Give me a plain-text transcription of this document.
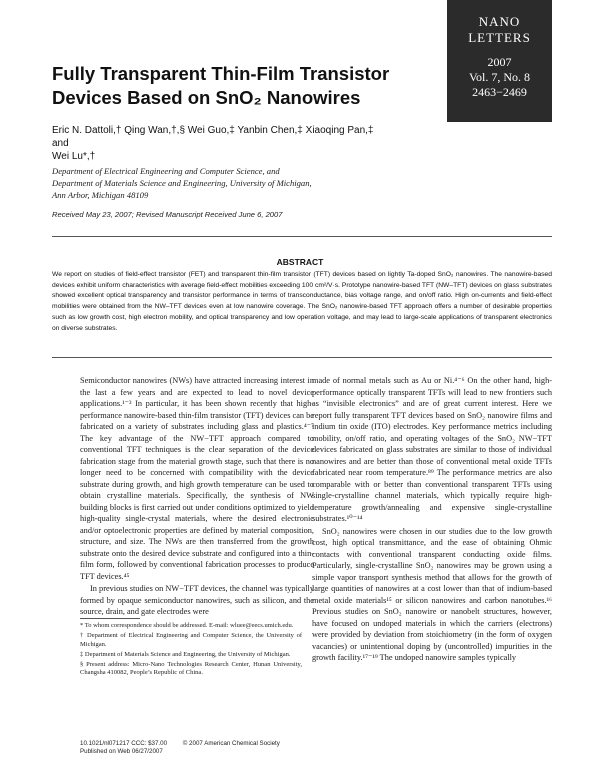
NANO
LETTERS
2007
Vol. 7, No. 8
2463−2469
Fully Transparent Thin-Film Transistor
Devices Based on SnO₂ Nanowires
Eric N. Dattoli,† Qing Wan,†,§ Wei Guo,‡ Yanbin Chen,‡ Xiaoqing Pan,‡ and
Wei Lu*,†
Department of Electrical Engineering and Computer Science, and
Department of Materials Science and Engineering, University of Michigan,
Ann Arbor, Michigan 48109
Received May 23, 2007; Revised Manuscript Received June 6, 2007
ABSTRACT
We report on studies of field-effect transistor (FET) and transparent thin-film transistor (TFT) devices based on lightly Ta-doped SnO₂ nanowires. The nanowire-based devices exhibit uniform characteristics with average field-effect mobilities exceeding 100 cm²/V·s. Prototype nanowire-based TFT (NW–TFT) devices on glass substrates showed excellent optical transparency and transistor performance in terms of transconductance, bias voltage range, and on/off ratio. High on-currents and field-effect mobilities were obtained from the NW–TFT devices even at low nanowire coverage. The SnO₂ nanowire-based TFT approach offers a number of desirable properties such as low growth cost, high electron mobility, and optical transparency and low operation voltage, and may lead to large-scale applications of transparent electronics on diverse substrates.

Semiconductor nanowires (NWs) have attracted increasing interest in the last a few years and are expected to lead to novel device applications.¹⁻³ In particular, it has been shown recently that high-performance nanowire-based thin-film transistor (TFT) devices can be fabricated on a variety of substrates including glass and plastics.⁴⁻⁷ The key advantage of the NW−TFT approach compared to conventional TFT techniques is the clear separation of the device fabrication stage from the material growth stage, such that there is no longer need to be concerned with compatibility with the device substrate during growth, and high growth temperature can be used to obtain crystalline materials. Specifically, the synthesis of NW building blocks is first carried out under conditions optimized to yield high-quality single-crystal materials, where the desired electronic and/or optoelectronic properties are defined by material composition, structure, and size. The NWs are then transferred from the growth substrate onto the desired device substrate and configured into a thin-film form, followed by conventional fabrication processes to produce TFT devices.⁴⁵

In previous studies on NW−TFT devices, the channel was typically formed by opaque semiconductor nanowires, such as silicon, and the source, drain, and gate electrodes were

made of normal metals such as Au or Ni.⁴⁻⁶ On the other hand, high-performance optically transparent TFTs will lead to new frontiers such as “invisible electronics” and are of great current interest. Here we report fully transparent TFT devices based on SnO₂ nanowire films and indium tin oxide (ITO) electrodes. Key performance metrics including mobility, on/off ratio, and operating voltages of the SnO₂ NW−TFT devices fabricated on glass substrates are similar to those of individual nanowires and are better than those of conventional metal oxide TFTs fabricated near room temperature.⁸⁹ The performance metrics are also comparable with or better than conventional transparent TFTs using single-crystalline channel materials, which typically require high-temperature growth/annealing and expensive single-crystalline substrates.¹⁰⁻¹⁴

SnO₂ nanowires were chosen in our studies due to the low growth cost, high optical transmittance, and the ease of obtaining Ohmic contacts with conventional transparent conducting oxide films. Particularly, single-crystalline SnO₂ nanowires may be grown using a simple vapor transport synthesis method that allows for the growth of large quantities of nanowires at a cost lower than that of indium-based metal oxide materials¹⁵ or silicon nanowires and carbon nanotubes.¹⁶ Previous studies on SnO₂ nanowire or nanobelt structures, however, have focused on undoped materials in which the carriers (electrons) were provided by deviation from stoichiometry (in the form of oxygen vacancies) or unintentional doping by (uncontrolled) impurities in the growth facility.¹⁷⁻¹⁹ The undoped nanowire samples typically

* To whom correspondence should be addressed. E-mail: wluee@eecs.umich.edu.

† Department of Electrical Engineering and Computer Science, the University of Michigan.

‡ Department of Materials Science and Engineering, the University of Michigan.

§ Present address: Micro-Nano Technologies Research Center, Hunan University, Changsha 410082, People’s Republic of China.

10.1021/nl071217 CCC: $37.00	© 2007 American Chemical Society
Published on Web 06/27/2007
